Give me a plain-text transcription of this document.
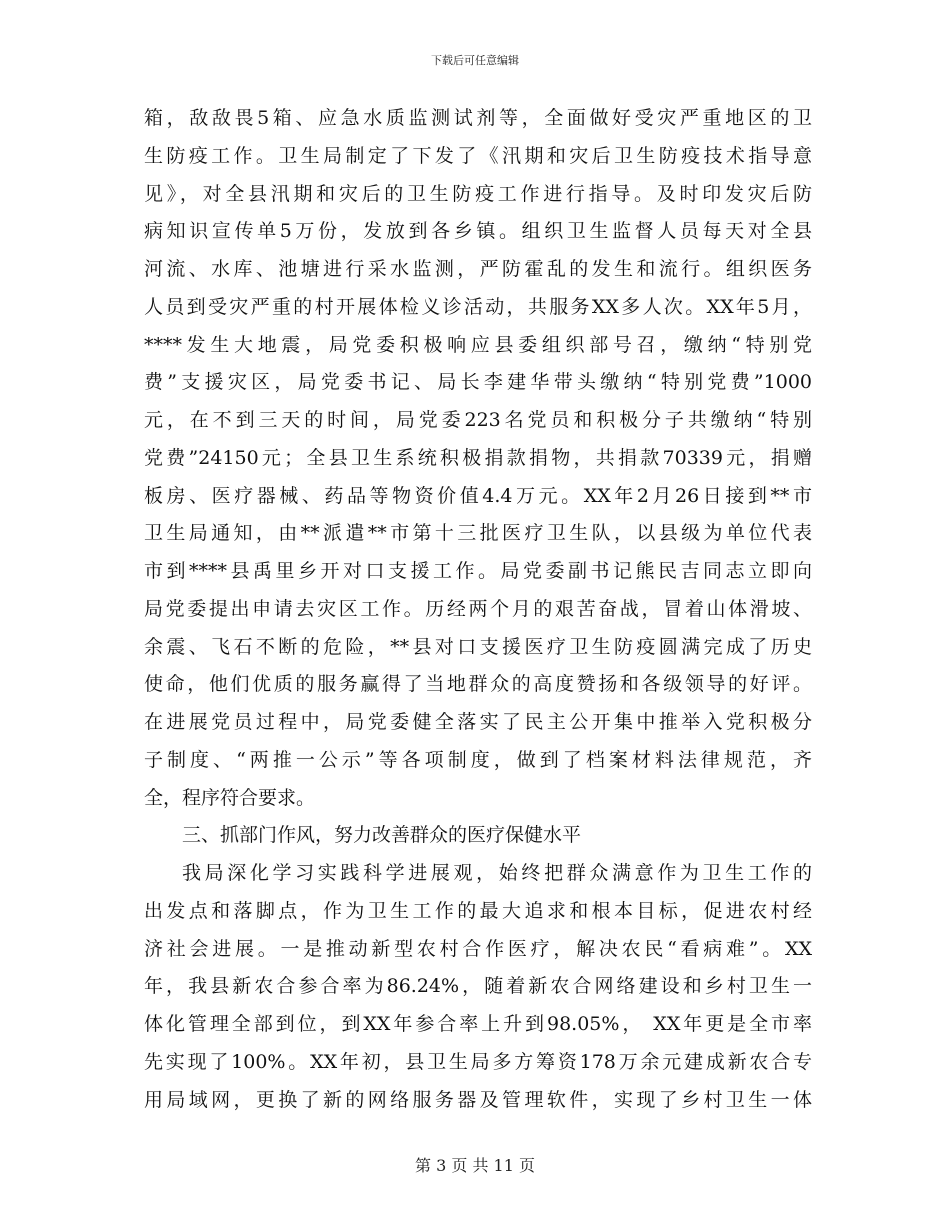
下载后可任意编辑
箱，敌敌畏5箱、应急水质监测试剂等，全面做好受灾严重地区的卫
生防疫工作。卫生局制定了下发了《汛期和灾后卫生防疫技术指导意
见》，对全县汛期和灾后的卫生防疫工作进行指导。及时印发灾后防
病知识宣传单5万份，发放到各乡镇。组织卫生监督人员每天对全县
河流、水库、池塘进行采水监测，严防霍乱的发生和流行。组织医务
人员到受灾严重的村开展体检义诊活动，共服务XX多人次。XX年5月，
****发生大地震，局党委积极响应县委组织部号召，缴纳“特别党
费”支援灾区，局党委书记、局长李建华带头缴纳“特别党费”1000
元，在不到三天的时间，局党委223名党员和积极分子共缴纳“特别
党费”24150元；全县卫生系统积极捐款捐物，共捐款70339元，捐赠
板房、医疗器械、药品等物资价值4.4万元。XX年2月26日接到**市
卫生局通知，由**派遣**市第十三批医疗卫生队，以县级为单位代表
市到****县禹里乡开对口支援工作。局党委副书记熊民吉同志立即向
局党委提出申请去灾区工作。历经两个月的艰苦奋战，冒着山体滑坡、
余震、飞石不断的危险，**县对口支援医疗卫生防疫圆满完成了历史
使命，他们优质的服务赢得了当地群众的高度赞扬和各级领导的好评。
在进展党员过程中，局党委健全落实了民主公开集中推举入党积极分
子制度、“两推一公示”等各项制度，做到了档案材料法律规范，齐
全，程序符合要求。
三、抓部门作风，努力改善群众的医疗保健水平
我局深化学习实践科学进展观，始终把群众满意作为卫生工作的
出发点和落脚点，作为卫生工作的最大追求和根本目标，促进农村经
济社会进展。一是推动新型农村合作医疗，解决农民“看病难”。XX
年，我县新农合参合率为86.24%，随着新农合网络建设和乡村卫生一
体化管理全部到位，到XX年参合率上升到98.05%， XX年更是全市率
先实现了100%。XX年初，县卫生局多方筹资178万余元建成新农合专
用局域网，更换了新的网络服务器及管理软件，实现了乡村卫生一体
第 3 页 共 11 页
